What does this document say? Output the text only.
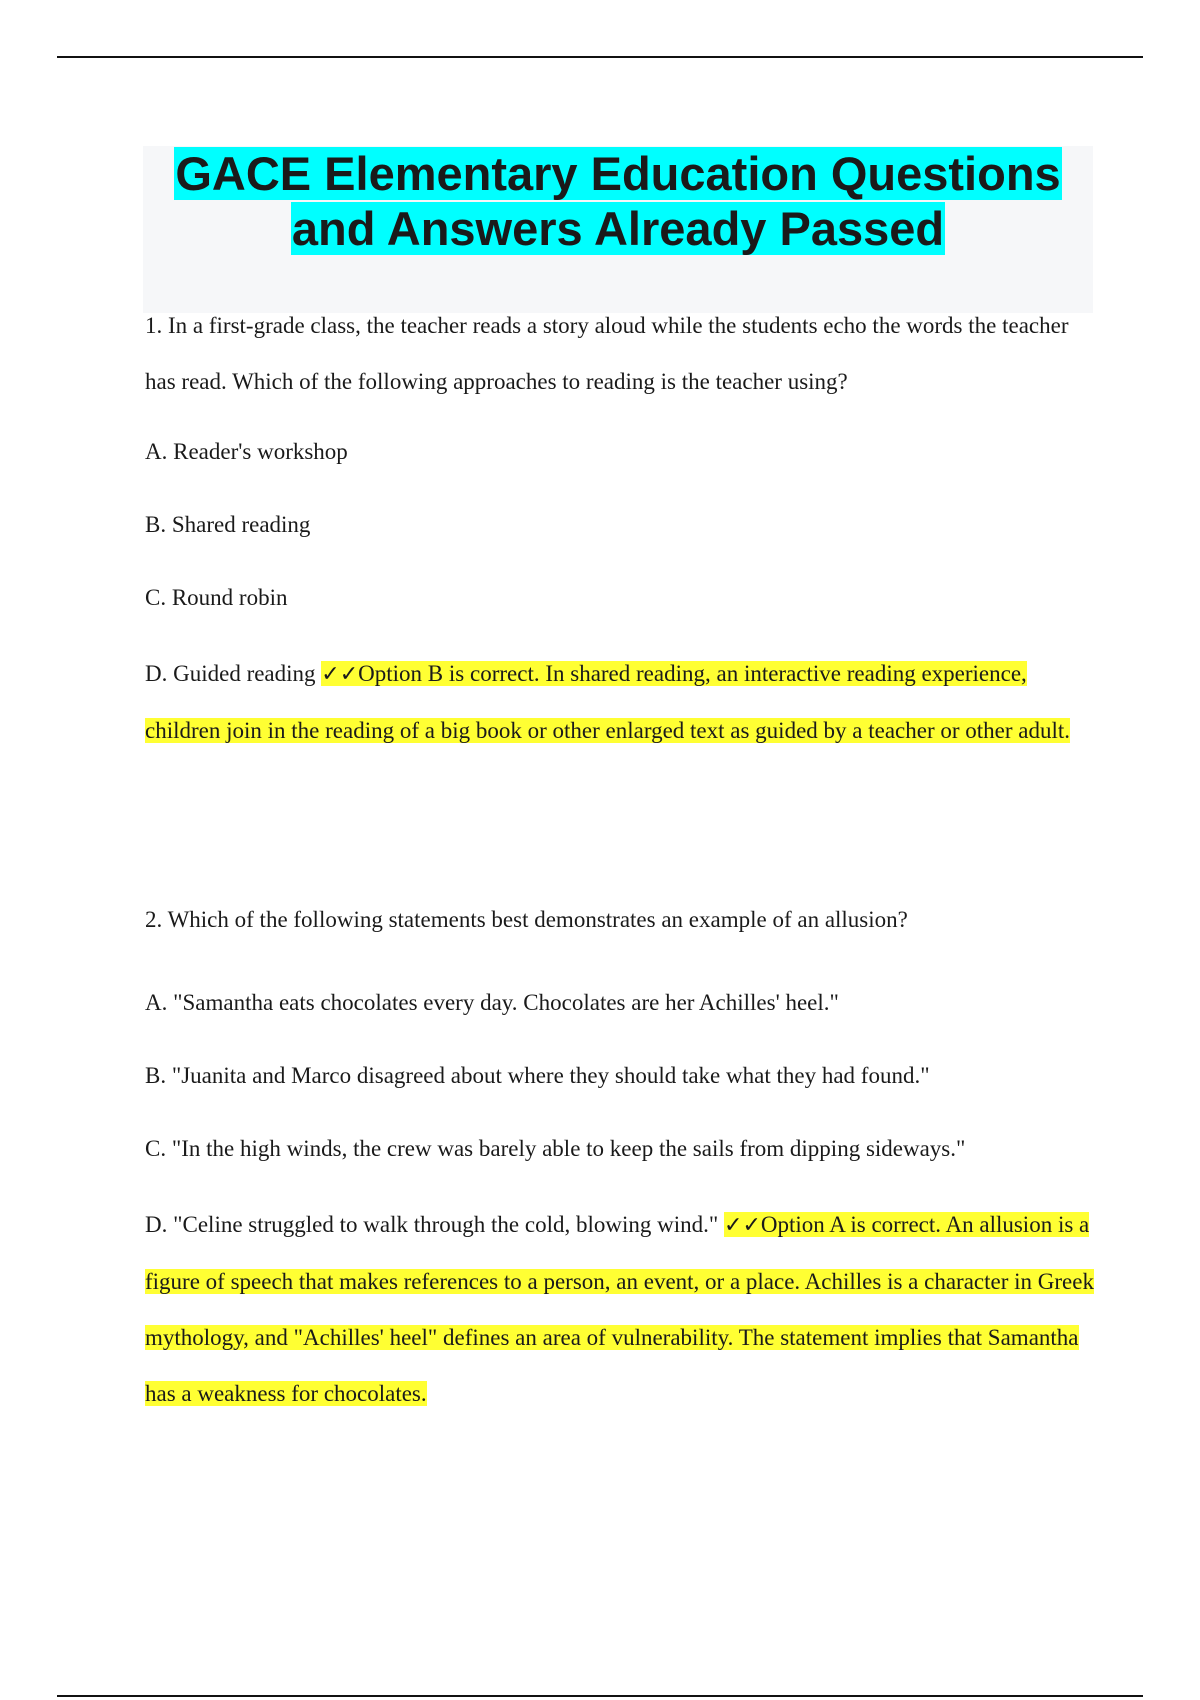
GACE Elementary Education Questions
and Answers Already Passed

1. In a first-grade class, the teacher reads a story aloud while the students echo the words the teacher has read. Which of the following approaches to reading is the teacher using?

A. Reader's workshop

B. Shared reading

C. Round robin

D. Guided reading ✓✓Option B is correct. In shared reading, an interactive reading experience, children join in the reading of a big book or other enlarged text as guided by a teacher or other adult.

2. Which of the following statements best demonstrates an example of an allusion?

A. "Samantha eats chocolates every day. Chocolates are her Achilles' heel."

B. "Juanita and Marco disagreed about where they should take what they had found."

C. "In the high winds, the crew was barely able to keep the sails from dipping sideways."

D. "Celine struggled to walk through the cold, blowing wind." ✓✓Option A is correct. An allusion is a figure of speech that makes references to a person, an event, or a place. Achilles is a character in Greek mythology, and "Achilles' heel" defines an area of vulnerability. The statement implies that Samantha has a weakness for chocolates.
